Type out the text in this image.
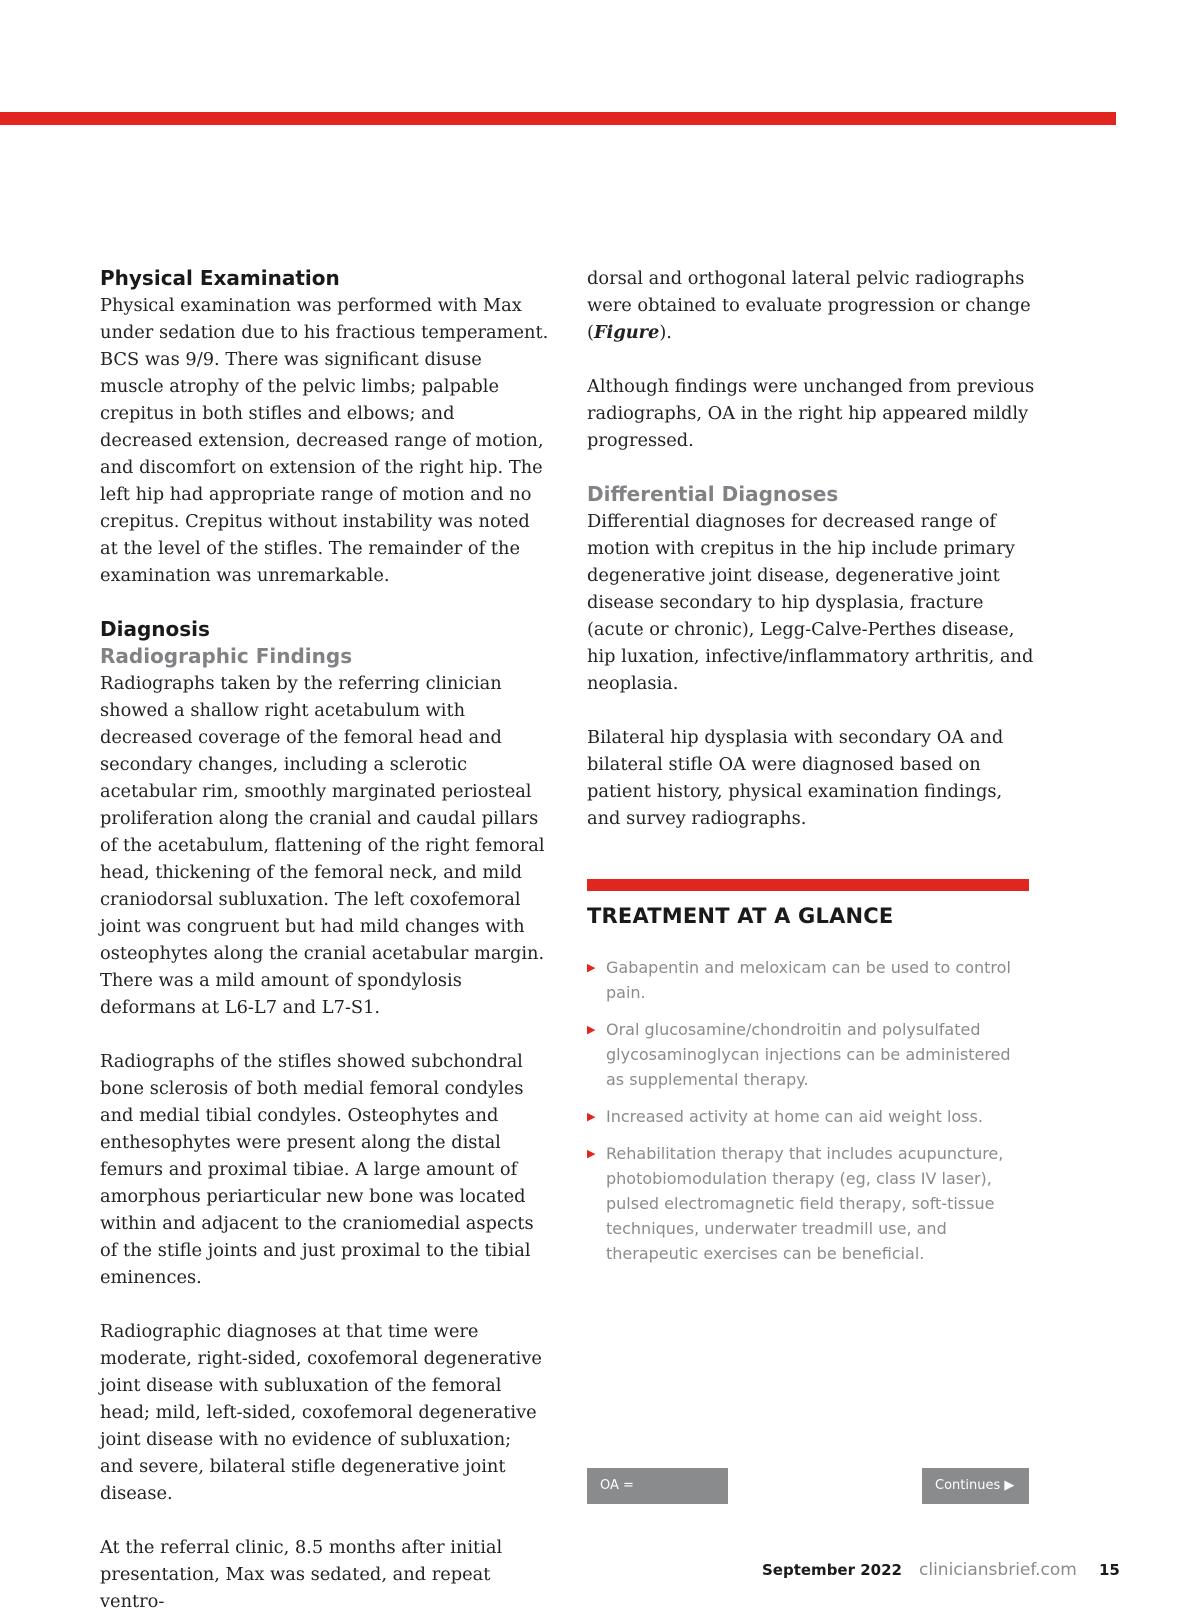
Physical Examination

Physical examination was performed with Max under sedation due to his fractious temperament. BCS was 9/9. There was significant disuse muscle atrophy of the pelvic limbs; palpable crepitus in both stifles and elbows; and decreased extension, decreased range of motion, and discomfort on extension of the right hip. The left hip had appropriate range of motion and no crepitus. Crepitus without instability was noted at the level of the stifles. The remainder of the examination was unremarkable.

Diagnosis
Radiographic Findings

Radiographs taken by the referring clinician showed a shallow right acetabulum with decreased coverage of the femoral head and secondary changes, including a sclerotic acetabular rim, smoothly marginated periosteal proliferation along the cranial and caudal pillars of the acetabulum, flattening of the right femoral head, thickening of the femoral neck, and mild craniodorsal subluxation. The left coxofemoral joint was congruent but had mild changes with osteophytes along the cranial acetabular margin. There was a mild amount of spondylosis deformans at L6-L7 and L7-S1.

Radiographs of the stifles showed subchondral bone sclerosis of both medial femoral condyles and medial tibial condyles. Osteophytes and enthesophytes were present along the distal femurs and proximal tibiae. A large amount of amorphous periarticular new bone was located within and adjacent to the craniomedial aspects of the stifle joints and just proximal to the tibial eminences.

Radiographic diagnoses at that time were moderate, right-sided, coxofemoral degenerative joint disease with subluxation of the femoral head; mild, left-sided, coxofemoral degenerative joint disease with no evidence of subluxation; and severe, bilateral stifle degenerative joint disease.

At the referral clinic, 8.5 months after initial presentation, Max was sedated, and repeat ventro-

dorsal and orthogonal lateral pelvic radiographs were obtained to evaluate progression or change (Figure).

Although findings were unchanged from previous radiographs, OA in the right hip appeared mildly progressed.

Differential Diagnoses

Differential diagnoses for decreased range of motion with crepitus in the hip include primary degenerative joint disease, degenerative joint disease secondary to hip dysplasia, fracture (acute or chronic), Legg-Calve-Perthes disease, hip luxation, infective/inflammatory arthritis, and neoplasia.

Bilateral hip dysplasia with secondary OA and bilateral stifle OA were diagnosed based on patient history, physical examination findings, and survey radiographs.

TREATMENT AT A GLANCE
▶ Gabapentin and meloxicam can be used to control pain.
▶ Oral glucosamine/chondroitin and polysulfated glycosaminoglycan injections can be administered as supplemental therapy.
▶ Increased activity at home can aid weight loss.
▶ Rehabilitation therapy that includes acupuncture, photobiomodulation therapy (eg, class IV laser), pulsed electromagnetic field therapy, soft-tissue techniques, underwater treadmill use, and therapeutic exercises can be beneficial.
OA = osteoarthritis
Continues ▶
September 2022 cliniciansbrief.com 15
